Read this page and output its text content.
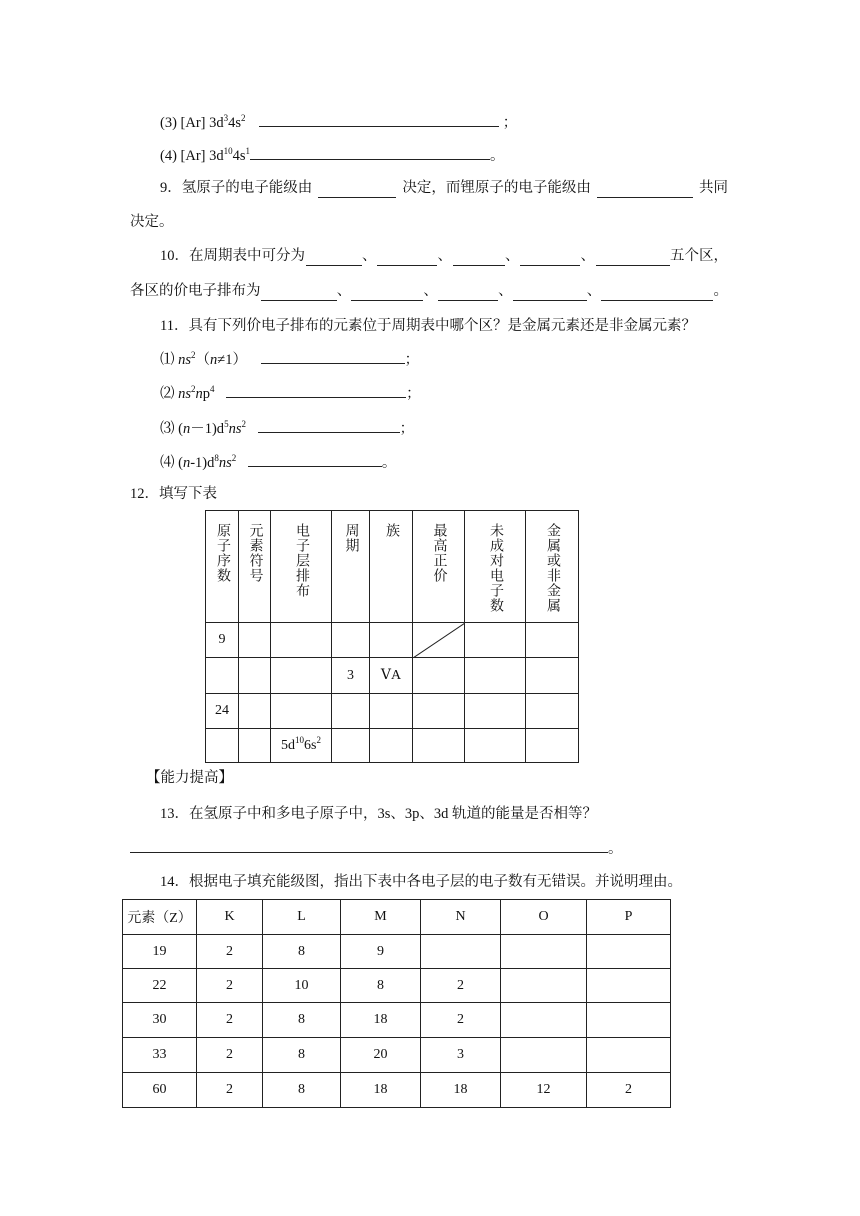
(3) [Ar] $3d^34s^2$	；
(4) [Ar] $3d^{10}4s^1$	。
9．氢原子的电子能级由	决定，而锂原子的电子能级由	共同
决定。
10．在周期表中可分为	、	、	、	、	五个区，
各区的价电子排布为	、	、	、	、	。
11．具有下列价电子排布的元素位于周期表中哪个区？是金属元素还是非金属元素？
⑴ $ns^2(n\ne 1)$	；
⑵ $ns^2np^4$	；
⑶ $(n-1)d^5ns^2$	；
⑷ $(n-1)d^8ns^2$	。
12．填写下表
原子序数	元素符号	电子层排布	周期	族	最高正价	未成对电子数	金属或非金属
9					

			3	ⅤA			
24							
		$5d^{10}6s^2$					
【能力提高】
13．在氢原子中和多电子原子中，3s、3p、3d 轨道的能量是否相等？
。
14．根据电子填充能级图，指出下表中各电子层的电子数有无错误。并说明理由。
元素（Z）	K	L	M	N	O	P
19	2	8	9			
22	2	10	8	2		
30	2	8	18	2		
33	2	8	20	3		
60	2	8	18	18	12	2
